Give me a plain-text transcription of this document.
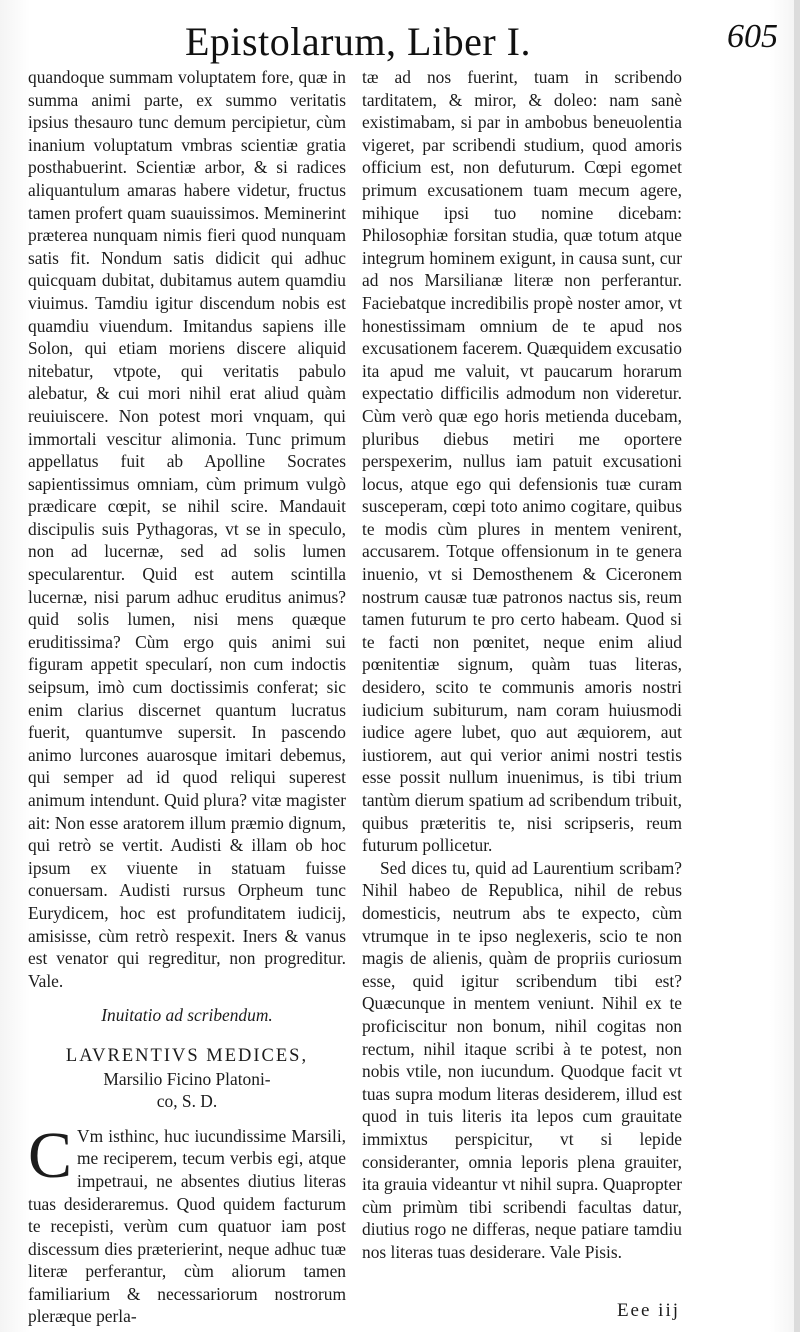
Epistolarum, Liber I.	605

quandoque summam voluptatem fore, quæ in summa animi parte, ex summo veritatis ipsius thesauro tunc demum percipietur, cùm inanium voluptatum vmbras scientiæ gratia posthabuerint. Scientiæ arbor, & si radices aliquantulum amaras habere videtur, fructus tamen profert quam suauissimos. Meminerint præterea nunquam nimis fieri quod nunquam satis fit. Nondum satis didicit qui adhuc quicquam dubitat, dubitamus autem quamdiu viuimus. Tamdiu igitur discendum nobis est quamdiu viuendum. Imitandus sapiens ille Solon, qui etiam moriens discere aliquid nitebatur, vtpote, qui veritatis pabulo alebatur, & cui mori nihil erat aliud quàm reuiuiscere. Non potest mori vnquam, qui immortali vescitur alimonia. Tunc primum appellatus fuit ab Apolline Socrates sapientissimus omniam, cùm primum vulgò prædicare cœpit, se nihil scire. Mandauit discipulis suis Pythagoras, vt se in speculo, non ad lucernæ, sed ad solis lumen specularentur. Quid est autem scintilla lucernæ, nisi parum adhuc eruditus animus? quid solis lumen, nisi mens quæque eruditissima? Cùm ergo quis animi sui figuram appetit specularí, non cum indoctis seipsum, imò cum doctissimis conferat; sic enim clarius discernet quantum lucratus fuerit, quantumve supersit. In pascendo animo lurcones auarosque imitari debemus, qui semper ad id quod reliqui superest animum intendunt. Quid plura? vitæ magister ait: Non esse aratorem illum præmio dignum, qui retrò se vertit. Audisti & illam ob hoc ipsum ex viuente in statuam fuisse conuersam. Audisti rursus Orpheum tunc Eurydicem, hoc est profunditatem iudicij, amisisse, cùm retrò respexit. Iners & vanus est venator qui regreditur, non progreditur. Vale.

Inuitatio ad scribendum.

LAVRENTIVS MEDICES,

Marsilio Ficino Platoni-

co, S. D.

C Vm isthinc, huc iucundissime Marsili, me reciperem, tecum verbis egi, atque impetraui, ne absentes diutius literas tuas desideraremus. Quod quidem facturum te recepisti, verùm cum quatuor iam post discessum dies præterierint, neque adhuc tuæ literæ perferantur, cùm aliorum tamen familiarium & necessariorum nostrorum pleræque perla-

tæ ad nos fuerint, tuam in scribendo tarditatem, & miror, & doleo: nam sanè existimabam, si par in ambobus beneuolentia vigeret, par scribendi studium, quod amoris officium est, non defuturum. Cœpi egomet primum excusationem tuam mecum agere, mihique ipsi tuo nomine dicebam: Philosophiæ forsitan studia, quæ totum atque integrum hominem exigunt, in causa sunt, cur ad nos Marsilianæ literæ non perferantur. Faciebatque incredibilis propè noster amor, vt honestissimam omnium de te apud nos excusationem facerem. Quæquidem excusatio ita apud me valuit, vt paucarum horarum expectatio difficilis admodum non videretur. Cùm verò quæ ego horis metienda ducebam, pluribus diebus metiri me oportere perspexerim, nullus iam patuit excusationi locus, atque ego qui defensionis tuæ curam susceperam, cœpi toto animo cogitare, quibus te modis cùm plures in mentem venirent, accusarem. Totque offensionum in te genera inuenio, vt si Demosthenem & Ciceronem nostrum causæ tuæ patronos nactus sis, reum tamen futurum te pro certo habeam. Quod si te facti non pœnitet, neque enim aliud pœnitentiæ signum, quàm tuas literas, desidero, scito te communis amoris nostri iudicium subiturum, nam coram huiusmodi iudice agere lubet, quo aut æquiorem, aut iustiorem, aut qui verior animi nostri testis esse possit nullum inuenimus, is tibi trium tantùm dierum spatium ad scribendum tribuit, quibus præteritis te, nisi scripseris, reum futurum pollicetur.

Sed dices tu, quid ad Laurentium scribam? Nihil habeo de Republica, nihil de rebus domesticis, neutrum abs te expecto, cùm vtrumque in te ipso neglexeris, scio te non magis de alienis, quàm de propriis curiosum esse, quid igitur scribendum tibi est? Quæcunque in mentem veniunt. Nihil ex te proficiscitur non bonum, nihil cogitas non rectum, nihil itaque scribi à te potest, non nobis vtile, non iucundum. Quodque facit vt tuas supra modum literas desiderem, illud est quod in tuis literis ita lepos cum grauitate immixtus perspicitur, vt si lepide consideranter, omnia leporis plena grauiter, ita grauia videantur vt nihil supra. Quapropter cùm primùm tibi scribendi facultas datur, diutius rogo ne differas, neque patiare tamdiu nos literas tuas desiderare. Vale Pisis.

Eee iij
